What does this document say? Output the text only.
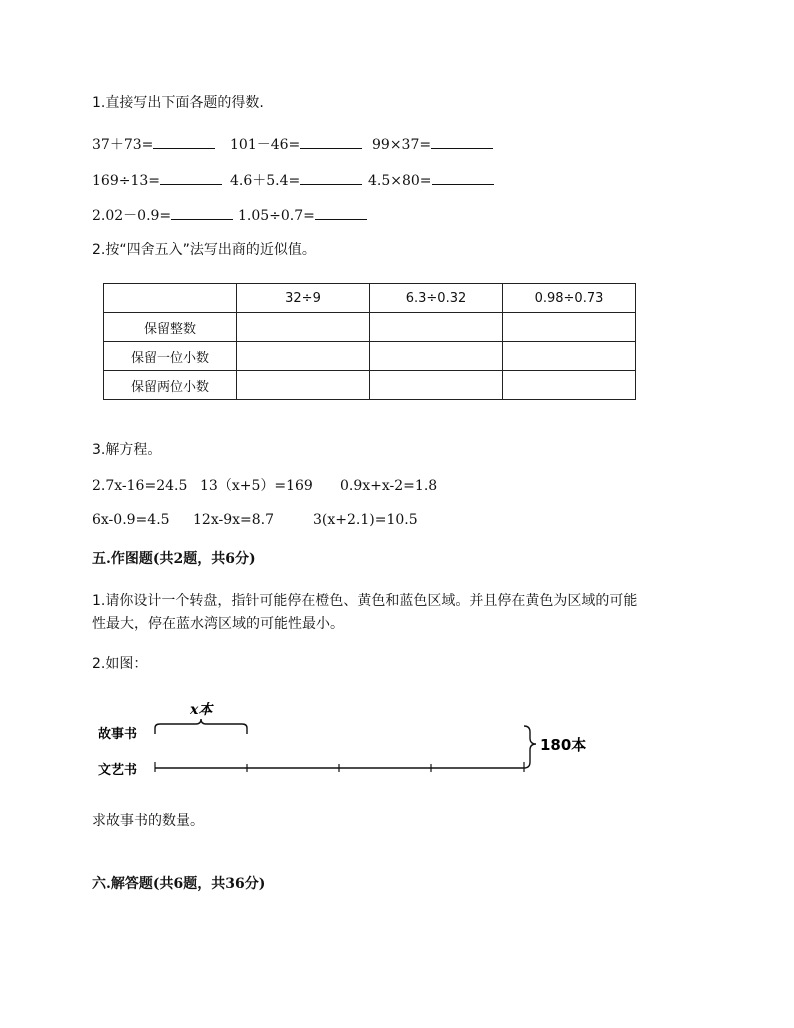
1.直接写出下面各题的得数.
37＋73=	101－46=	99×37=
169÷13=	4.6＋5.4=	4.5×80=
2.02－0.9=	1.05÷0.7=
2.按“四舍五入”法写出商的近似值。
	32÷9	6.3÷0.32	0.98÷0.73
保留整数			
保留一位小数			
保留两位小数			
3.解方程。
2.7x-16=24.5 13（x+5）=169 0.9x+x-2=1.8
6x-0.9=4.5 12x-9x=8.7	3(x+2.1)=10.5
五.作图题(共2题，共6分)
1.请你设计一个转盘，指针可能停在橙色、黄色和蓝色区域。并且停在黄色为区域的可能
性最大，停在蓝水湾区域的可能性最小。
2.如图：
x本
故事书
文艺书
180本
求故事书的数量。
六.解答题(共6题，共36分)
